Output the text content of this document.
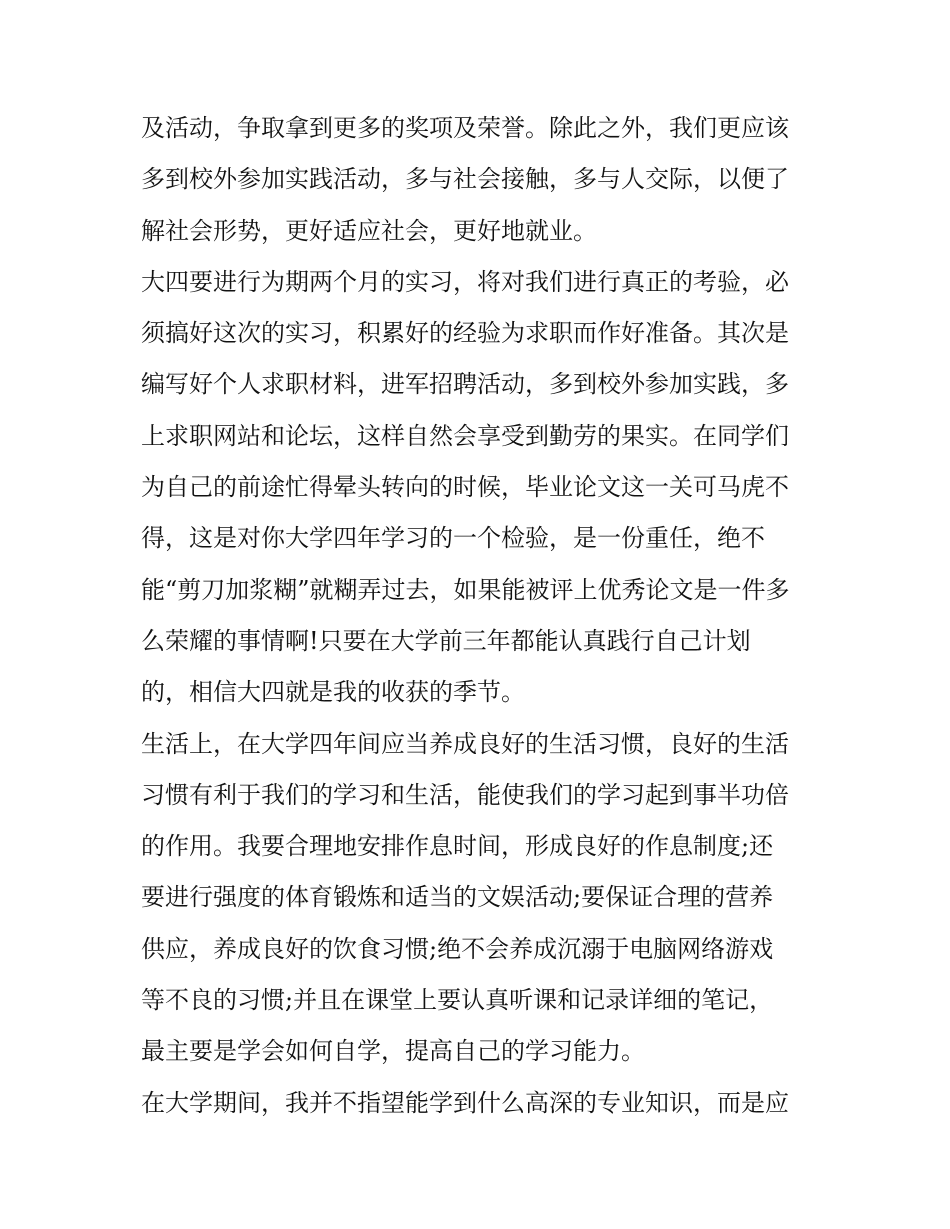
及活动，争取拿到更多的奖项及荣誉。除此之外，我们更应该
多到校外参加实践活动，多与社会接触，多与人交际，以便了
解社会形势，更好适应社会，更好地就业。
大四要进行为期两个月的实习，将对我们进行真正的考验，必
须搞好这次的实习，积累好的经验为求职而作好准备。其次是
编写好个人求职材料，进军招聘活动，多到校外参加实践，多
上求职网站和论坛，这样自然会享受到勤劳的果实。在同学们
为自己的前途忙得晕头转向的时候，毕业论文这一关可马虎不
得，这是对你大学四年学习的一个检验，是一份重任，绝不
能“剪刀加浆糊”就糊弄过去，如果能被评上优秀论文是一件多
么荣耀的事情啊!只要在大学前三年都能认真践行自己计划
的，相信大四就是我的收获的季节。
生活上，在大学四年间应当养成良好的生活习惯，良好的生活
习惯有利于我们的学习和生活，能使我们的学习起到事半功倍
的作用。我要合理地安排作息时间，形成良好的作息制度;还
要进行强度的体育锻炼和适当的文娱活动;要保证合理的营养
供应，养成良好的饮食习惯;绝不会养成沉溺于电脑网络游戏
等不良的习惯;并且在课堂上要认真听课和记录详细的笔记，
最主要是学会如何自学，提高自己的学习能力。
在大学期间，我并不指望能学到什么高深的专业知识，而是应
